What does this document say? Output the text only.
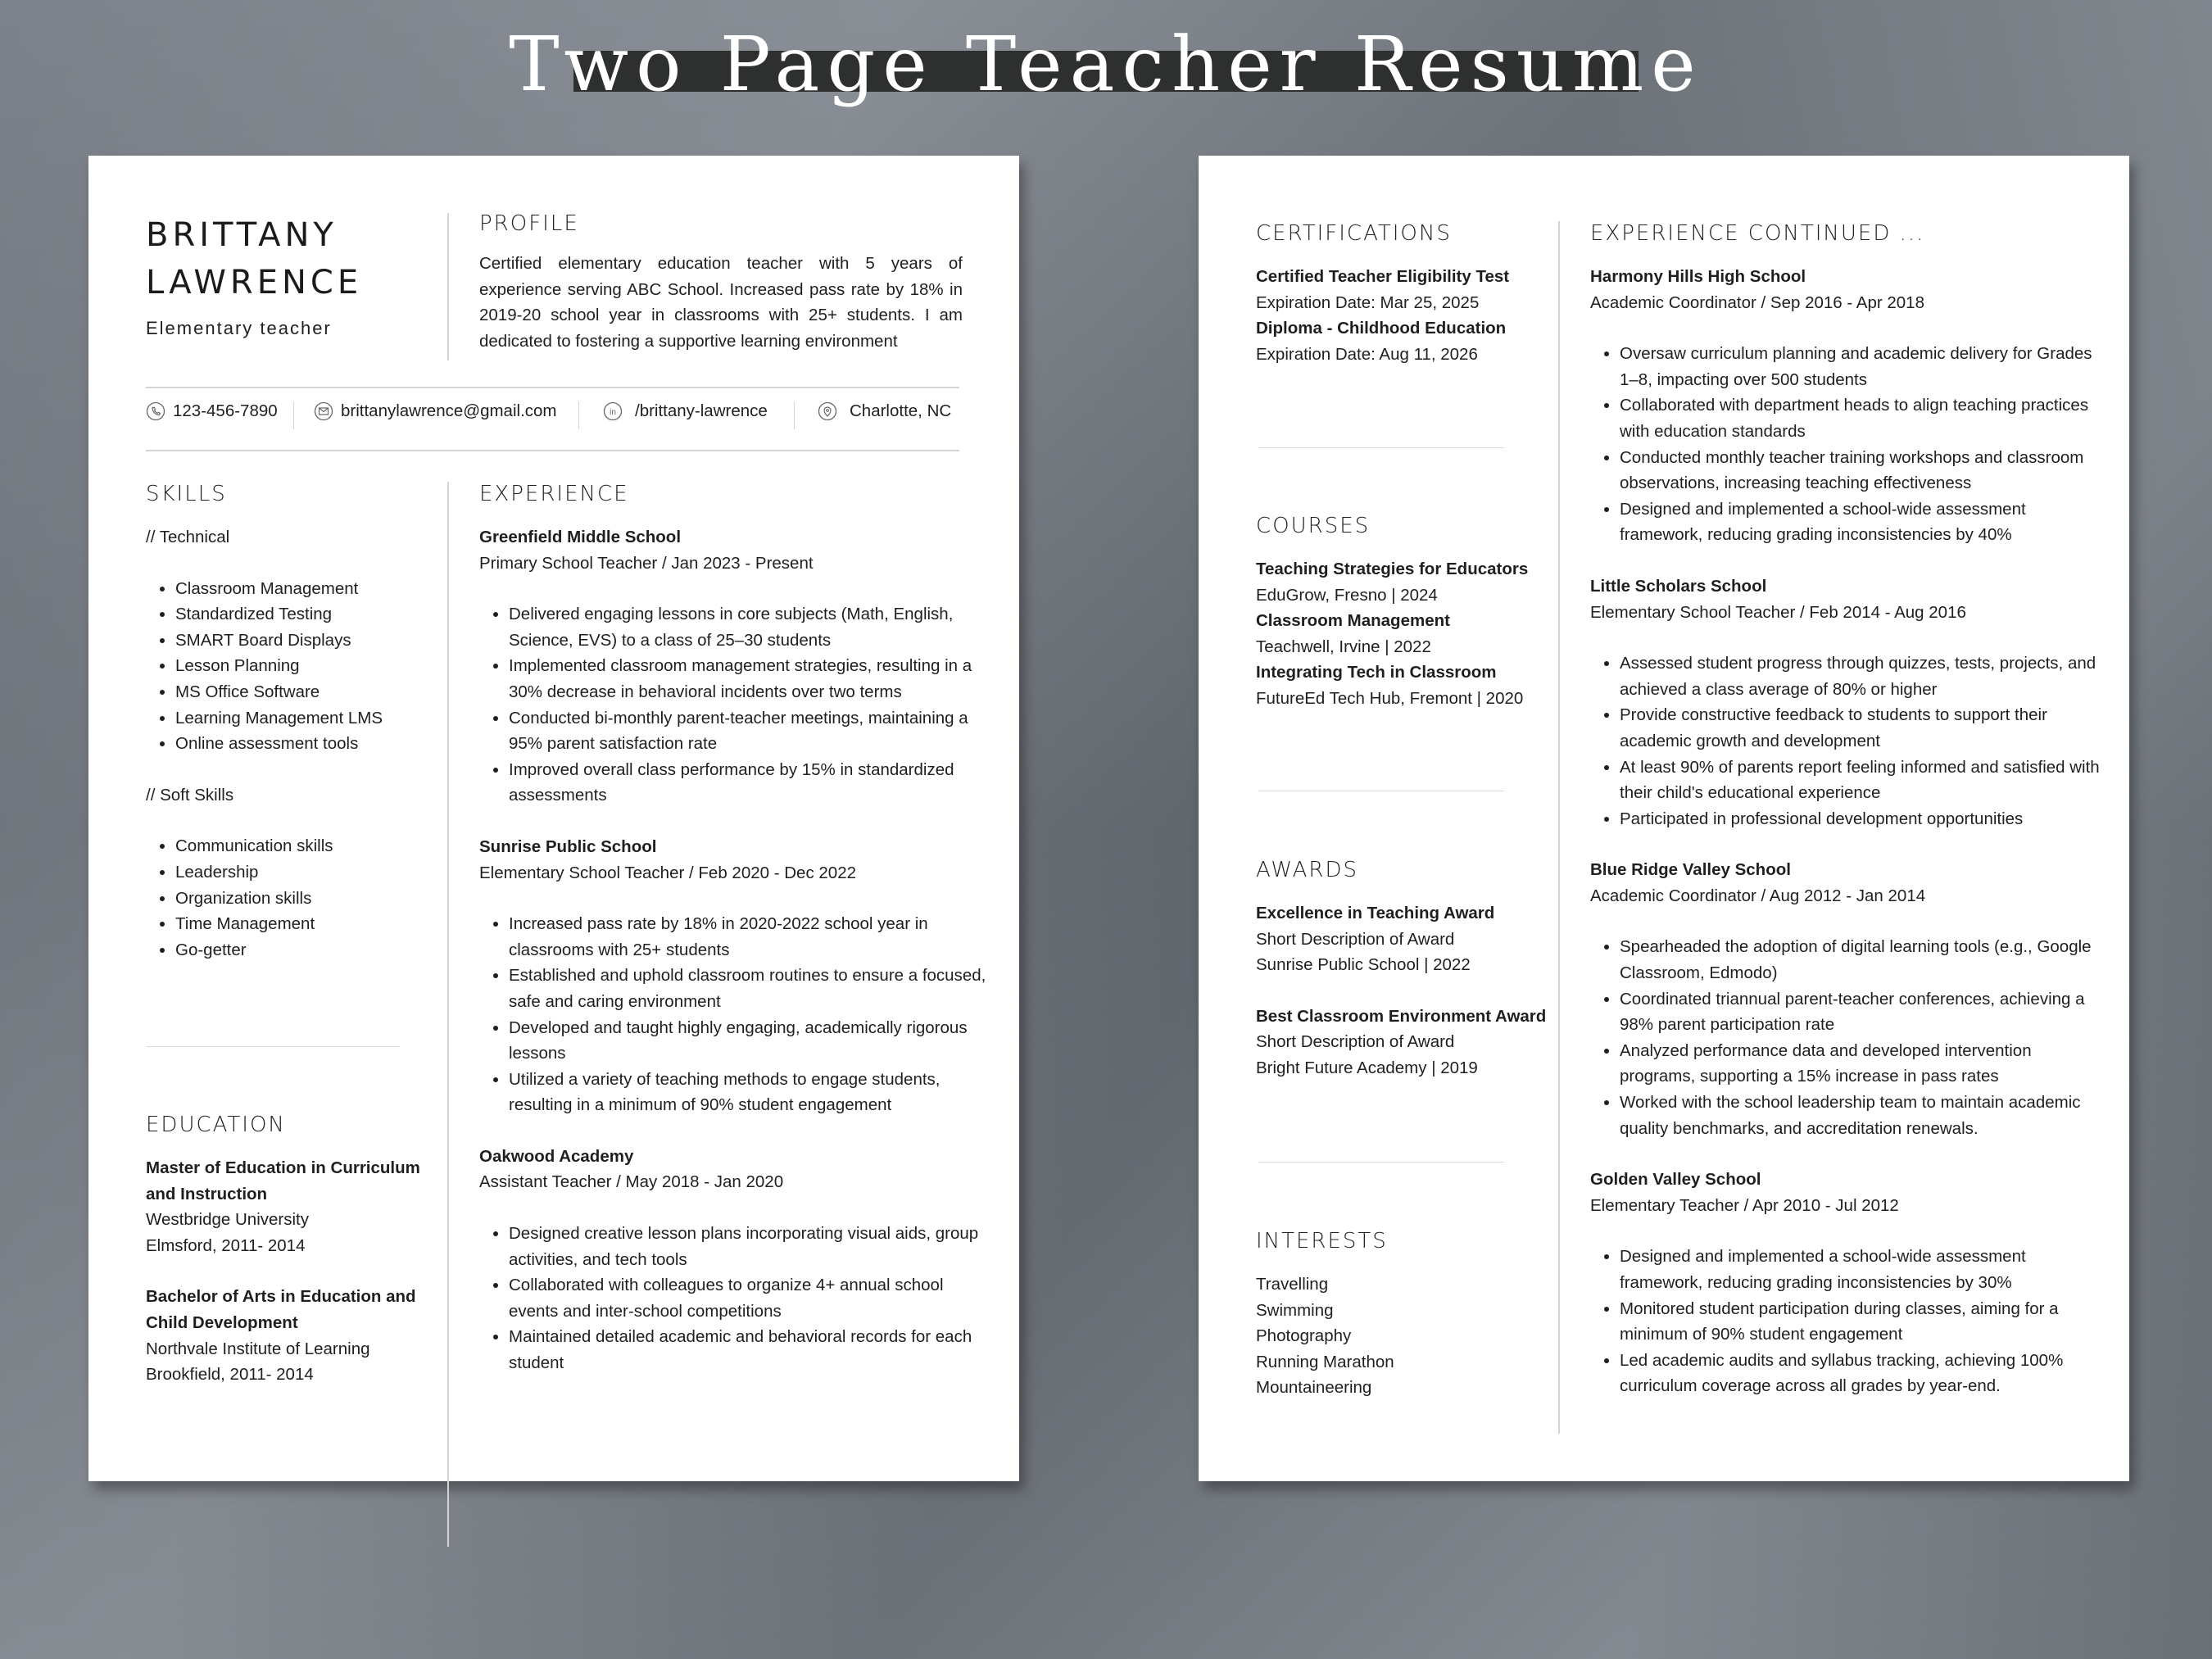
Two Page Teacher Resume
BRITTANY
LAWRENCE
Elementary teacher
PROFILE
Certified elementary education teacher with 5 years of experience serving ABC School. Increased pass rate by 18% in 2019-20 school year in classrooms with 25+ students. I am dedicated to fostering a supportive learning environment
123-456-7890	brittanylawrence@gmail.com	in /brittany-lawrence	Charlotte, NC
SKILLS
// Technical
• Classroom Management
• Standardized Testing
• SMART Board Displays
• Lesson Planning
• MS Office Software
• Learning Management LMS
• Online assessment tools
// Soft Skills
• Communication skills
• Leadership
• Organization skills
• Time Management
• Go-getter
EDUCATION
Master of Education in Curriculum
and Instruction
Westbridge University
Elmsford, 2011- 2014
Bachelor of Arts in Education and
Child Development
Northvale Institute of Learning
Brookfield, 2011- 2014
EXPERIENCE
Greenfield Middle School
Primary School Teacher / Jan 2023 - Present
• Delivered engaging lessons in core subjects (Math, English, Science, EVS) to a class of 25–30 students
• Implemented classroom management strategies, resulting in a 30% decrease in behavioral incidents over two terms
• Conducted bi-monthly parent-teacher meetings, maintaining a 95% parent satisfaction rate
• Improved overall class performance by 15% in standardized assessments
Sunrise Public School
Elementary School Teacher / Feb 2020 - Dec 2022
• Increased pass rate by 18% in 2020-2022 school year in classrooms with 25+ students
• Established and uphold classroom routines to ensure a focused, safe and caring environment
• Developed and taught highly engaging, academically rigorous lessons
• Utilized a variety of teaching methods to engage students, resulting in a minimum of 90% student engagement
Oakwood Academy
Assistant Teacher / May 2018 - Jan 2020
• Designed creative lesson plans incorporating visual aids, group activities, and tech tools
• Collaborated with colleagues to organize 4+ annual school events and inter-school competitions
• Maintained detailed academic and behavioral records for each student
CERTIFICATIONS
Certified Teacher Eligibility Test
Expiration Date: Mar 25, 2025
Diploma - Childhood Education
Expiration Date: Aug 11, 2026
COURSES
Teaching Strategies for Educators
EduGrow, Fresno | 2024
Classroom Management
Teachwell, Irvine | 2022
Integrating Tech in Classroom
FutureEd Tech Hub, Fremont | 2020
AWARDS
Excellence in Teaching Award
Short Description of Award
Sunrise Public School | 2022
Best Classroom Environment Award
Short Description of Award
Bright Future Academy | 2019
INTERESTS
Travelling
Swimming
Photography
Running Marathon
Mountaineering
EXPERIENCE CONTINUED ...
Harmony Hills High School
Academic Coordinator / Sep 2016 - Apr 2018
• Oversaw curriculum planning and academic delivery for Grades 1–8, impacting over 500 students
• Collaborated with department heads to align teaching practices with education standards
• Conducted monthly teacher training workshops and classroom observations, increasing teaching effectiveness
• Designed and implemented a school-wide assessment framework, reducing grading inconsistencies by 40%
Little Scholars School
Elementary School Teacher / Feb 2014 - Aug 2016
• Assessed student progress through quizzes, tests, projects, and achieved a class average of 80% or higher
• Provide constructive feedback to students to support their academic growth and development
• At least 90% of parents report feeling informed and satisfied with their child's educational experience
• Participated in professional development opportunities
Blue Ridge Valley School
Academic Coordinator / Aug 2012 - Jan 2014
• Spearheaded the adoption of digital learning tools (e.g., Google Classroom, Edmodo)
• Coordinated triannual parent-teacher conferences, achieving a 98% parent participation rate
• Analyzed performance data and developed intervention programs, supporting a 15% increase in pass rates
• Worked with the school leadership team to maintain academic quality benchmarks, and accreditation renewals.
Golden Valley School
Elementary Teacher / Apr 2010 - Jul 2012
• Designed and implemented a school-wide assessment framework, reducing grading inconsistencies by 30%
• Monitored student participation during classes, aiming for a minimum of 90% student engagement
• Led academic audits and syllabus tracking, achieving 100% curriculum coverage across all grades by year-end.
